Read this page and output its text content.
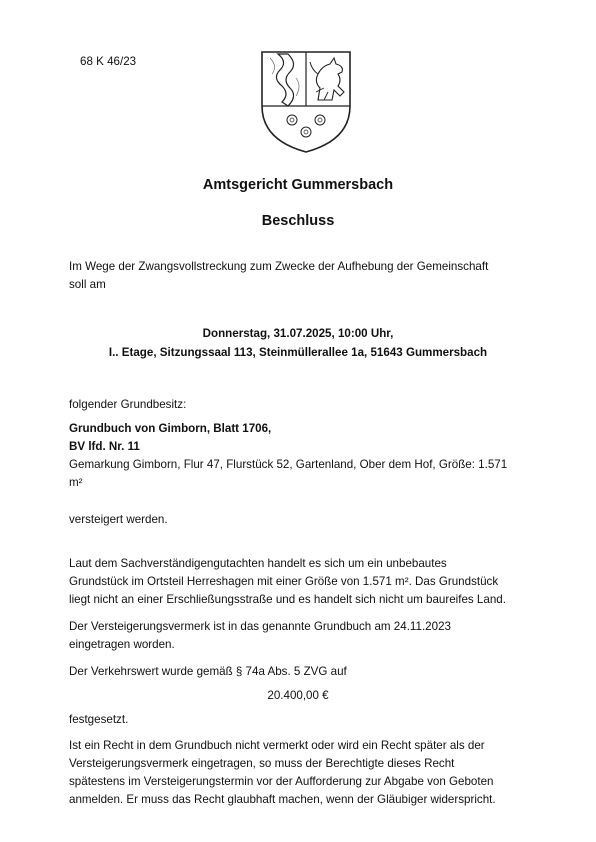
68 K 46/23
Amtsgericht Gummersbach
Beschluss
Im Wege der Zwangsvollstreckung zum Zwecke der Aufhebung der Gemeinschaft
soll am
Donnerstag, 31.07.2025, 10:00 Uhr,
I.. Etage, Sitzungssaal 113, Steinmüllerallee 1a, 51643 Gummersbach
folgender Grundbesitz:
Grundbuch von Gimborn, Blatt 1706,
BV lfd. Nr. 11
Gemarkung Gimborn, Flur 47, Flurstück 52, Gartenland, Ober dem Hof, Größe: 1.571
m²
versteigert werden.
Laut dem Sachverständigengutachten handelt es sich um ein unbebautes
Grundstück im Ortsteil Herreshagen mit einer Größe von 1.571 m². Das Grundstück
liegt nicht an einer Erschließungsstraße und es handelt sich nicht um baureifes Land.
Der Versteigerungsvermerk ist in das genannte Grundbuch am 24.11.2023
eingetragen worden.
Der Verkehrswert wurde gemäß § 74a Abs. 5 ZVG auf
20.400,00 €
festgesetzt.
Ist ein Recht in dem Grundbuch nicht vermerkt oder wird ein Recht später als der
Versteigerungsvermerk eingetragen, so muss der Berechtigte dieses Recht
spätestens im Versteigerungstermin vor der Aufforderung zur Abgabe von Geboten
anmelden. Er muss das Recht glaubhaft machen, wenn der Gläubiger widerspricht.
